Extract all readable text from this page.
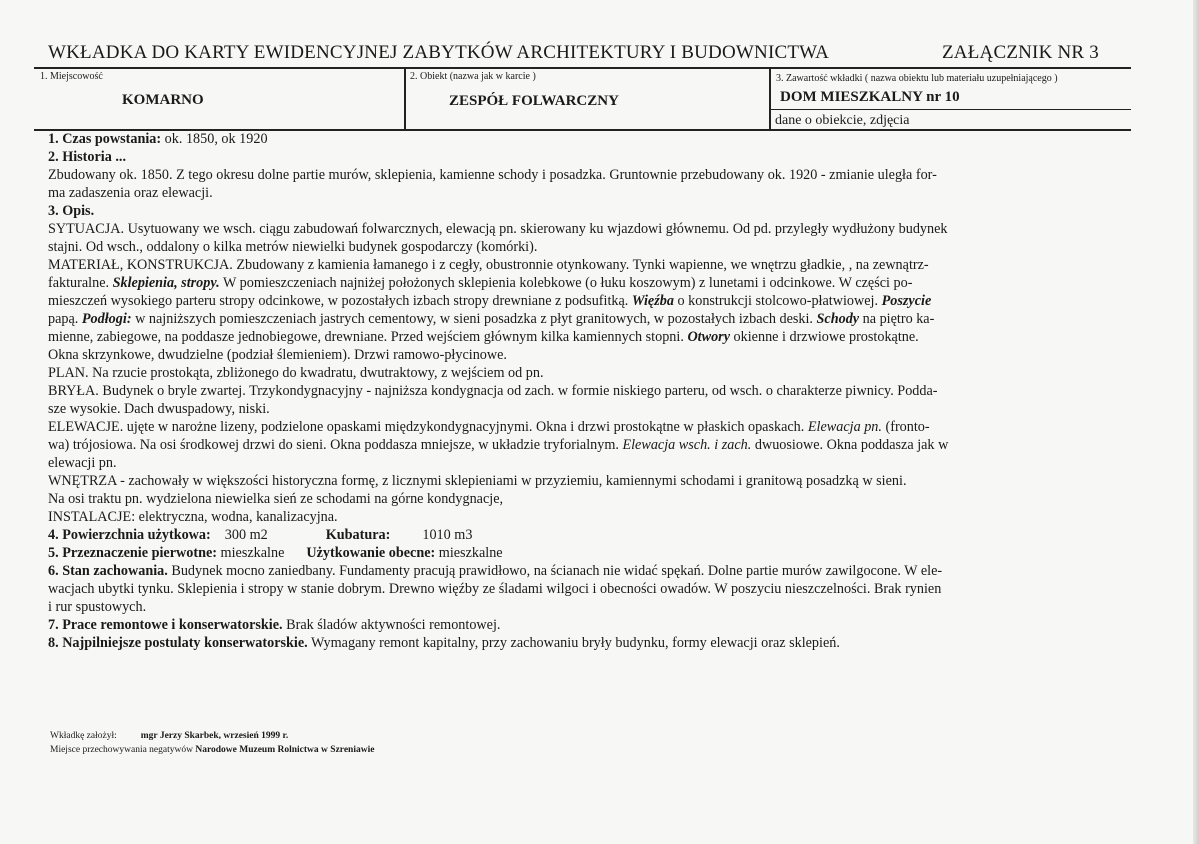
WKŁADKA DO KARTY EWIDENCYJNEJ ZABYTKÓW ARCHITEKTURY I BUDOWNICTWA	ZAŁĄCZNIK NR 3
1. Miejscowość
KOMARNO
2. Obiekt (nazwa jak w karcie )
ZESPÓŁ FOLWARCZNY
3. Zawartość wkładki ( nazwa obiektu lub materiału uzupełniającego )
DOM MIESZKALNY nr 10
dane o obiekcie, zdjęcia

1. Czas powstania: ok. 1850, ok 1920

2. Historia ...

Zbudowany ok. 1850. Z tego okresu dolne partie murów, sklepienia, kamienne schody i posadzka. Gruntownie przebudowany ok. 1920 - zmianie uległa for-

ma zadaszenia oraz elewacji.

3. Opis.

SYTUACJA. Usytuowany we wsch. ciągu zabudowań folwarcznych, elewacją pn. skierowany ku wjazdowi głównemu. Od pd. przyległy wydłużony budynek

stajni. Od wsch., oddalony o kilka metrów niewielki budynek gospodarczy (komórki).

MATERIAŁ, KONSTRUKCJA. Zbudowany z kamienia łamanego i z cegły, obustronnie otynkowany. Tynki wapienne, we wnętrzu gładkie, , na zewnątrz-

fakturalne. Sklepienia, stropy. W pomieszczeniach najniżej położonych sklepienia kolebkowe (o łuku koszowym) z lunetami i odcinkowe. W części po-

mieszczeń wysokiego parteru stropy odcinkowe, w pozostałych izbach stropy drewniane z podsufitką. Więźba o konstrukcji stolcowo-płatwiowej. Poszycie

papą. Podłogi: w najniższych pomieszczeniach jastrych cementowy, w sieni posadzka z płyt granitowych, w pozostałych izbach deski. Schody na piętro ka-

mienne, zabiegowe, na poddasze jednobiegowe, drewniane. Przed wejściem głównym kilka kamiennych stopni. Otwory okienne i drzwiowe prostokątne.

Okna skrzynkowe, dwudzielne (podział ślemieniem). Drzwi ramowo-płycinowe.

PLAN. Na rzucie prostokąta, zbliżonego do kwadratu, dwutraktowy, z wejściem od pn.

BRYŁA. Budynek o bryle zwartej. Trzykondygnacyjny - najniższa kondygnacja od zach. w formie niskiego parteru, od wsch. o charakterze piwnicy. Podda-

sze wysokie. Dach dwuspadowy, niski.

ELEWACJE. ujęte w narożne lizeny, podzielone opaskami międzykondygnacyjnymi. Okna i drzwi prostokątne w płaskich opaskach. Elewacja pn. (fronto-

wa) trójosiowa. Na osi środkowej drzwi do sieni. Okna poddasza mniejsze, w układzie tryforialnym. Elewacja wsch. i zach. dwuosiowe. Okna poddasza jak w

elewacji pn.

WNĘTRZA - zachowały w większości historyczna formę, z licznymi sklepieniami w przyziemiu, kamiennymi schodami i granitową posadzką w sieni.

Na osi traktu pn. wydzielona niewielka sień ze schodami na górne kondygnacje,

INSTALACJE: elektryczna, wodna, kanalizacyjna.

4. Powierzchnia użytkowa: 300 m2	Kubatura: 1010 m3

5. Przeznaczenie pierwotne: mieszkalne Użytkowanie obecne: mieszkalne

6. Stan zachowania. Budynek mocno zaniedbany. Fundamenty pracują prawidłowo, na ścianach nie widać spękań. Dolne partie murów zawilgocone. W ele-

wacjach ubytki tynku. Sklepienia i stropy w stanie dobrym. Drewno więźby ze śladami wilgoci i obecności owadów. W poszyciu nieszczelności. Brak rynien

i rur spustowych.

7. Prace remontowe i konserwatorskie. Brak śladów aktywności remontowej.

8. Najpilniejsze postulaty konserwatorskie. Wymagany remont kapitalny, przy zachowaniu bryły budynku, formy elewacji oraz sklepień.

Wkładkę założył:	mgr Jerzy Skarbek, wrzesień 1999 r.
Miejsce przechowywania negatywów Narodowe Muzeum Rolnictwa w Szreniawie
